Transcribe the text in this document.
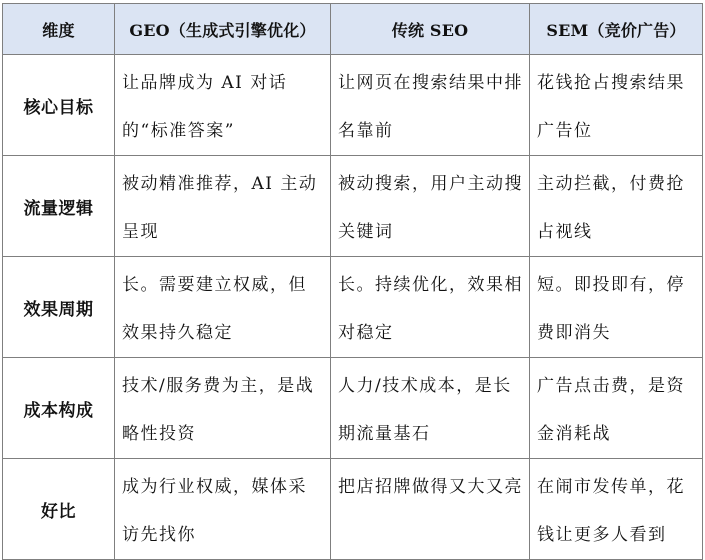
维度	GEO（生成式引擎优化）	传统 SEO	SEM（竞价广告）
核心目标	让品牌成为 AI 对话的“标准答案”	让网页在搜索结果中排名靠前	花钱抢占搜索结果广告位
流量逻辑	被动精准推荐，AI 主动呈现	被动搜索，用户主动搜关键词	主动拦截，付费抢占视线
效果周期	长。需要建立权威，但效果持久稳定	长。持续优化，效果相对稳定	短。即投即有，停费即消失
成本构成	技术/服务费为主，是战略性投资	人力/技术成本，是长期流量基石	广告点击费，是资金消耗战
好比	成为行业权威，媒体采访先找你	把店招牌做得又大又亮	在闹市发传单，花钱让更多人看到
